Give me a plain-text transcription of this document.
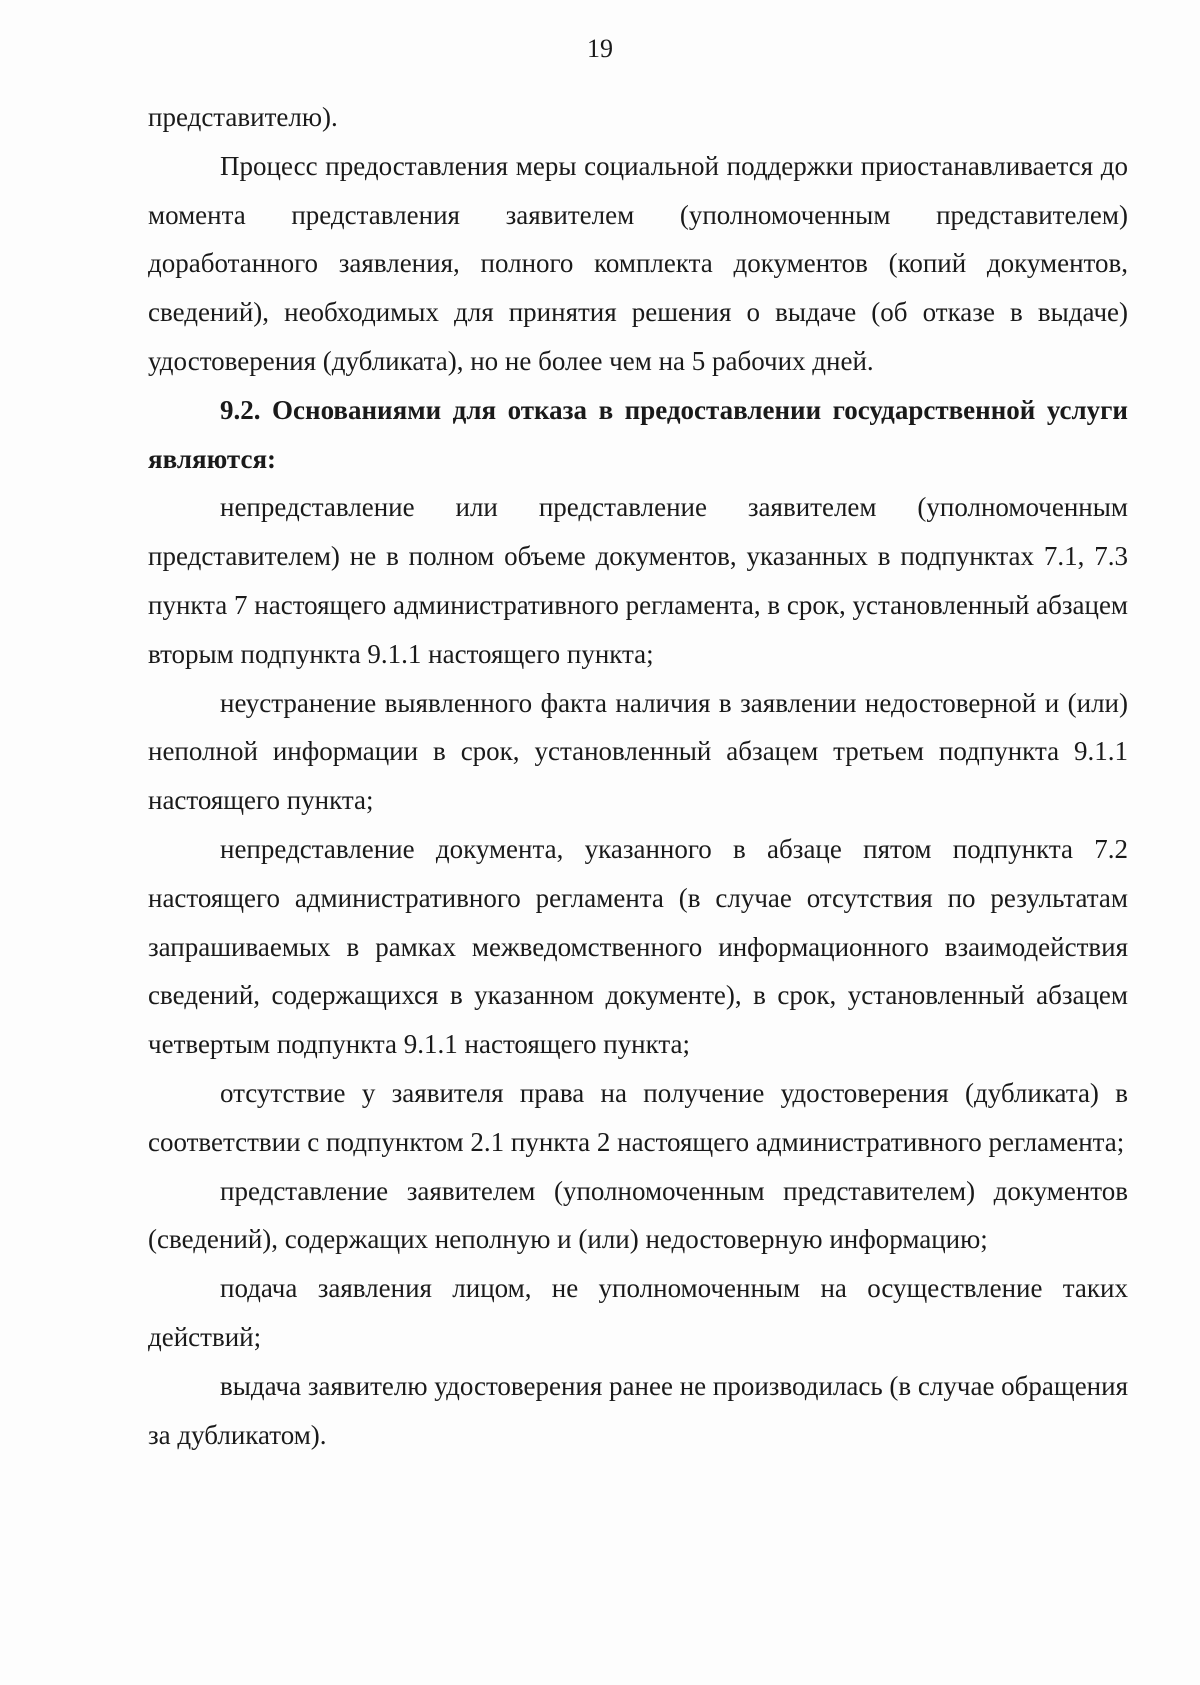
19

представителю).

Процесс предоставления меры социальной поддержки приостанавливается до момента представления заявителем (уполномоченным представителем) доработанного заявления, полного комплекта документов (копий документов, сведений), необходимых для принятия решения о выдаче (об отказе в выдаче) удостоверения (дубликата), но не более чем на 5 рабочих дней.

9.2. Основаниями для отказа в предоставлении государственной услуги являются:

непредставление или представление заявителем (уполномоченным представителем) не в полном объеме документов, указанных в подпунктах 7.1, 7.3 пункта 7 настоящего административного регламента, в срок, установленный абзацем вторым подпункта 9.1.1 настоящего пункта;

неустранение выявленного факта наличия в заявлении недостоверной и (или) неполной информации в срок, установленный абзацем третьем подпункта 9.1.1 настоящего пункта;

непредставление документа, указанного в абзаце пятом подпункта 7.2 настоящего административного регламента (в случае отсутствия по результатам запрашиваемых в рамках межведомственного информационного взаимодействия сведений, содержащихся в указанном документе), в срок, установленный абзацем четвертым подпункта 9.1.1 настоящего пункта;

отсутствие у заявителя права на получение удостоверения (дубликата) в соответствии с подпунктом 2.1 пункта 2 настоящего административного регламента;

представление заявителем (уполномоченным представителем) документов (сведений), содержащих неполную и (или) недостоверную информацию;

подача заявления лицом, не уполномоченным на осуществление таких действий;

выдача заявителю удостоверения ранее не производилась (в случае обращения за дубликатом).
